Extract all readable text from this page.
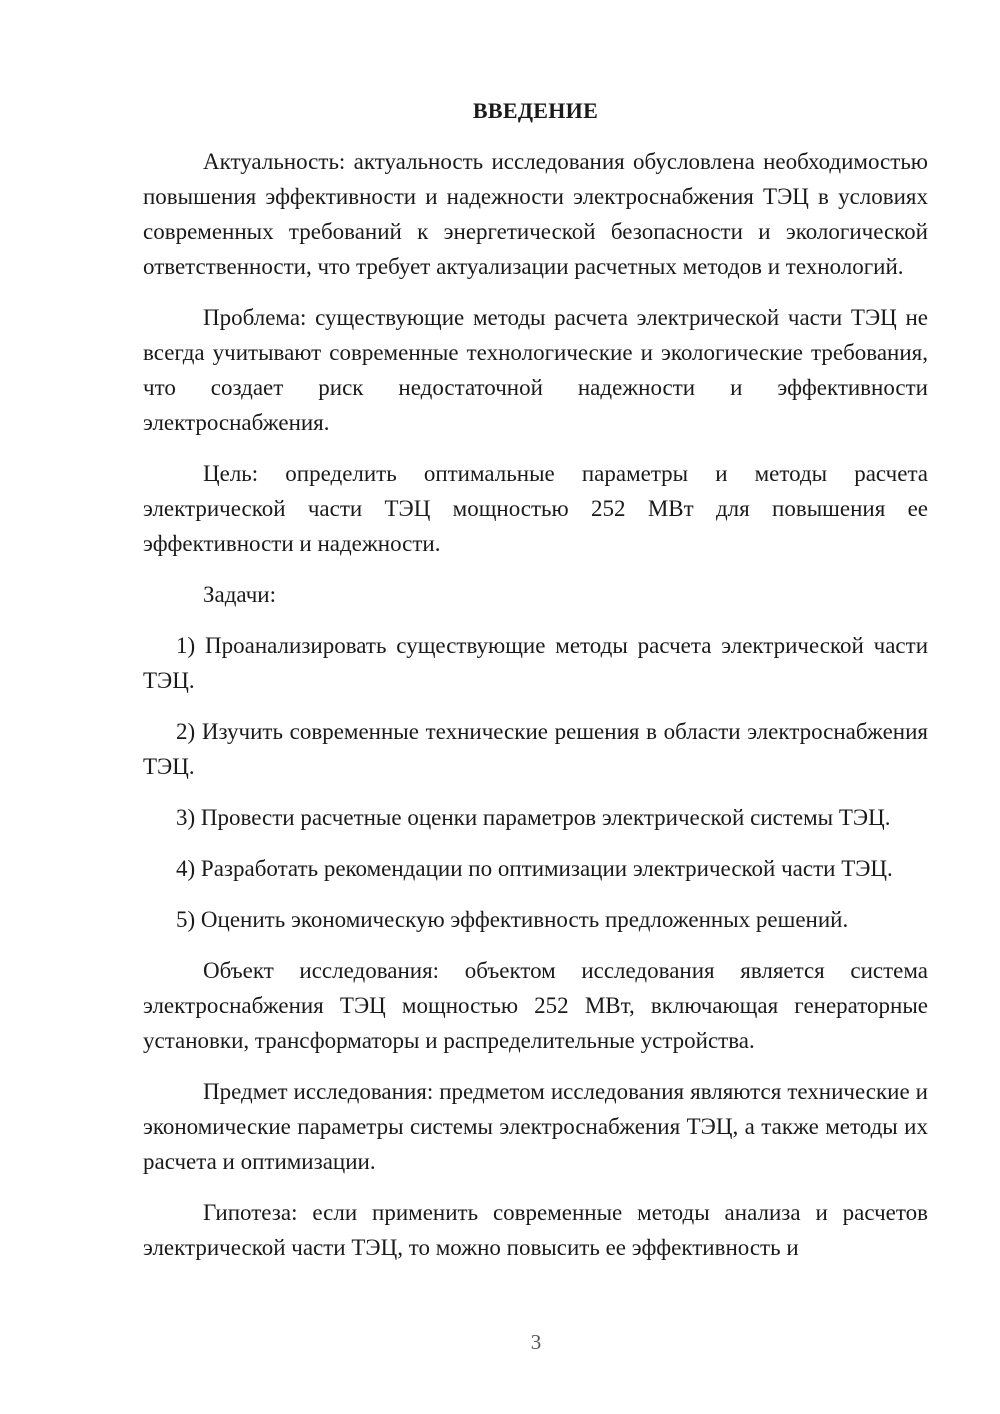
ВВЕДЕНИЕ

Актуальность: актуальность исследования обусловлена необходимостью повышения эффективности и надежности электроснабжения ТЭЦ в условиях современных требований к энергетической безопасности и экологической ответственности, что требует актуализации расчетных методов и технологий.

Проблема: существующие методы расчета электрической части ТЭЦ не всегда учитывают современные технологические и экологические требования, что создает риск недостаточной надежности и эффективности электроснабжения.

Цель: определить оптимальные параметры и методы расчета электрической части ТЭЦ мощностью 252 МВт для повышения ее эффективности и надежности.

Задачи:

1) Проанализировать существующие методы расчета электрической части ТЭЦ.

2) Изучить современные технические решения в области электроснабжения ТЭЦ.

3) Провести расчетные оценки параметров электрической системы ТЭЦ.

4) Разработать рекомендации по оптимизации электрической части ТЭЦ.

5) Оценить экономическую эффективность предложенных решений.

Объект исследования: объектом исследования является система электроснабжения ТЭЦ мощностью 252 МВт, включающая генераторные установки, трансформаторы и распределительные устройства.

Предмет исследования: предметом исследования являются технические и экономические параметры системы электроснабжения ТЭЦ, а также методы их расчета и оптимизации.

Гипотеза: если применить современные методы анализа и расчетов электрической части ТЭЦ, то можно повысить ее эффективность и

3
